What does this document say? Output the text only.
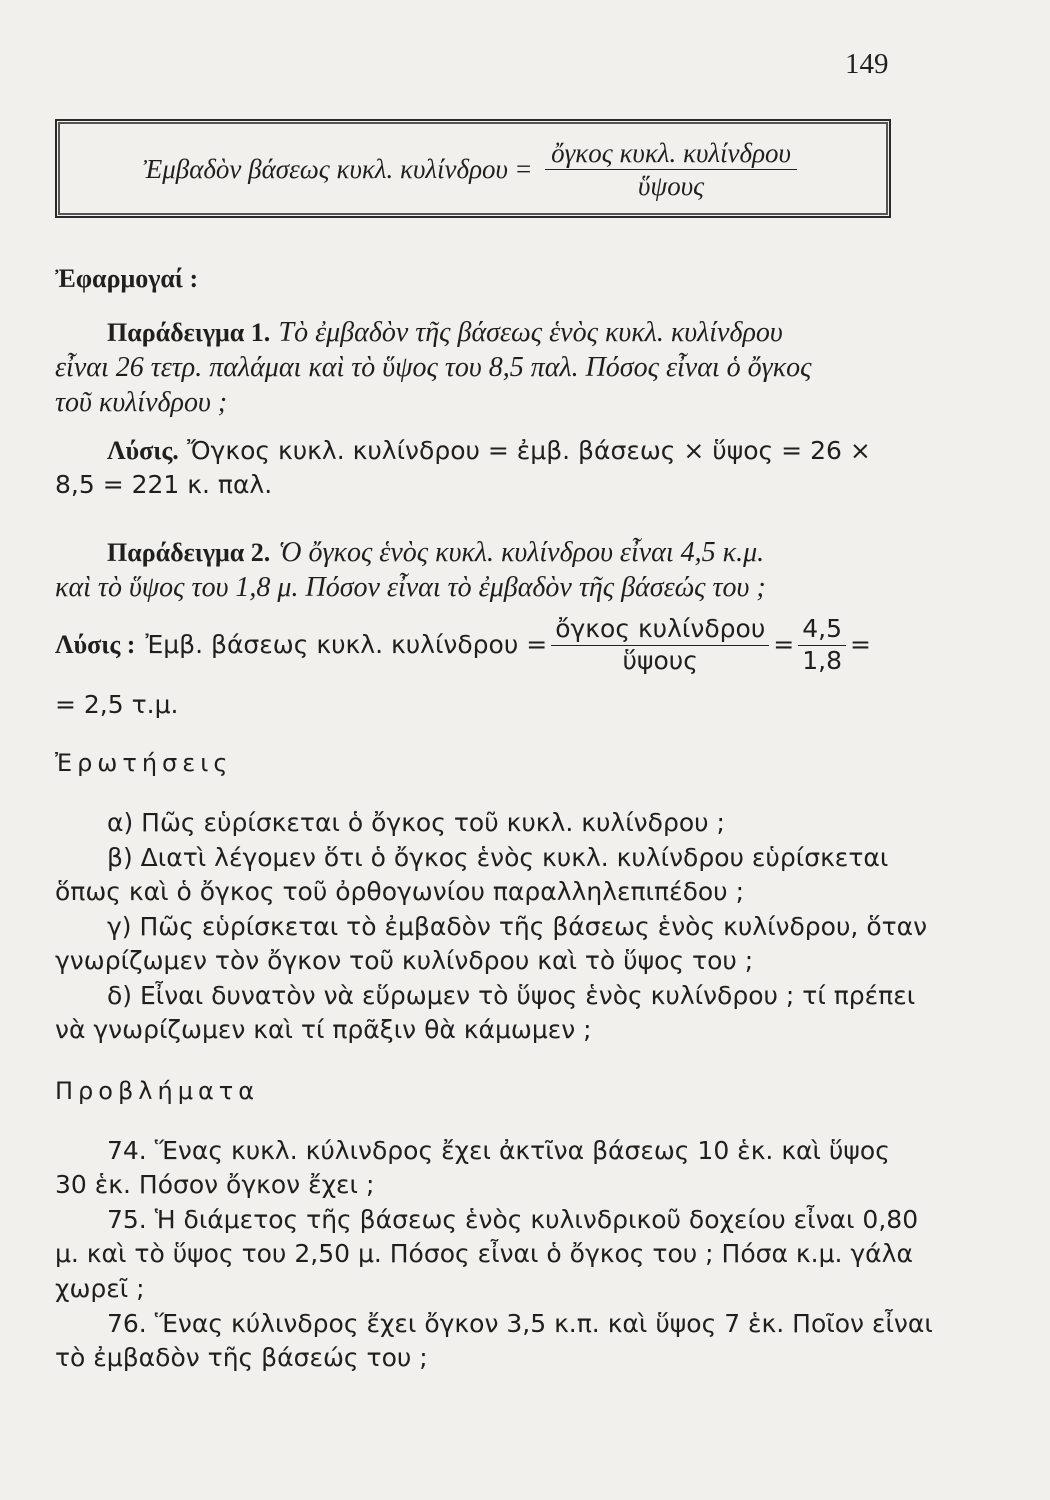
149
Ἐμβαδὸν βάσεως κυκλ. $\kappa\upsilon\lambda ί\nu\delta\rho o\upsilon = \frac{\text{ὄγκος κυκλ. κυλίνδρου}}{\text{ὕψους}}$
Ἐφαρμογαί :
Παράδειγμα 1. Τὸ ἐμβαδὸν τῆς βάσεως ἑνὸς κυκλ. κυλίνδρου
εἶναι 26 τετρ. παλάμαι καὶ τὸ ὕψος του 8,5 παλ. Πόσος εἶναι ὁ ὄγκος
τοῦ κυλίνδρου ;
Λύσις. Ὄγκος κυκλ. κυλίνδρου = ἐμβ. βάσεως × ὕψος = 26 ×
8,5 = 221 κ. παλ.
Παράδειγμα 2. Ὁ ὄγκος ἑνὸς κυκλ. κυλίνδρου εἶναι 4,5 κ.μ.
καὶ τὸ ὕψος του 1,8 μ. Πόσον εἶναι τὸ ἐμβαδὸν τῆς βάσεώς του ;
Λύσις : Ἐμβ. βάσεως κυκλ. $\kappa\upsilon\lambda ί\nu\delta\rho o\upsilon = \frac{\text{ὄγκος κυλίνδρου}}{\text{ὕψους}} = \frac{4,5}{1,8}$ =
= 2,5 τ.μ.
Ἐρωτήσεις
α) Πῶς εὑρίσκεται ὁ ὄγκος τοῦ κυκλ. κυλίνδρου ;
β) Διατὶ λέγομεν ὅτι ὁ ὄγκος ἑνὸς κυκλ. κυλίνδρου εὑρίσκεται
ὅπως καὶ ὁ ὄγκος τοῦ ὀρθογωνίου παραλληλεπιπέδου ;
γ) Πῶς εὑρίσκεται τὸ ἐμβαδὸν τῆς βάσεως ἑνὸς κυλίνδρου, ὅταν
γνωρίζωμεν τὸν ὄγκον τοῦ κυλίνδρου καὶ τὸ ὕψος του ;
δ) Εἶναι δυνατὸν νὰ εὕρωμεν τὸ ὕψος ἑνὸς κυλίνδρου ; τί πρέπει
νὰ γνωρίζωμεν καὶ τί πρᾶξιν θὰ κάμωμεν ;
Προβλήματα
74. Ἕνας κυκλ. κύλινδρος ἔχει ἀκτῖνα βάσεως 10 ἑκ. καὶ ὕψος
30 ἑκ. Πόσον ὄγκον ἔχει ;
75. Ἡ διάμετος τῆς βάσεως ἑνὸς κυλινδρικοῦ δοχείου εἶναι 0,80
μ. καὶ τὸ ὕψος του 2,50 μ. Πόσος εἶναι ὁ ὄγκος του ; Πόσα κ.μ. γάλα
χωρεῖ ;
76. Ἕνας κύλινδρος ἔχει ὄγκον 3,5 κ.π. καὶ ὕψος 7 ἑκ. Ποῖον εἶναι
τὸ ἐμβαδὸν τῆς βάσεώς του ;
